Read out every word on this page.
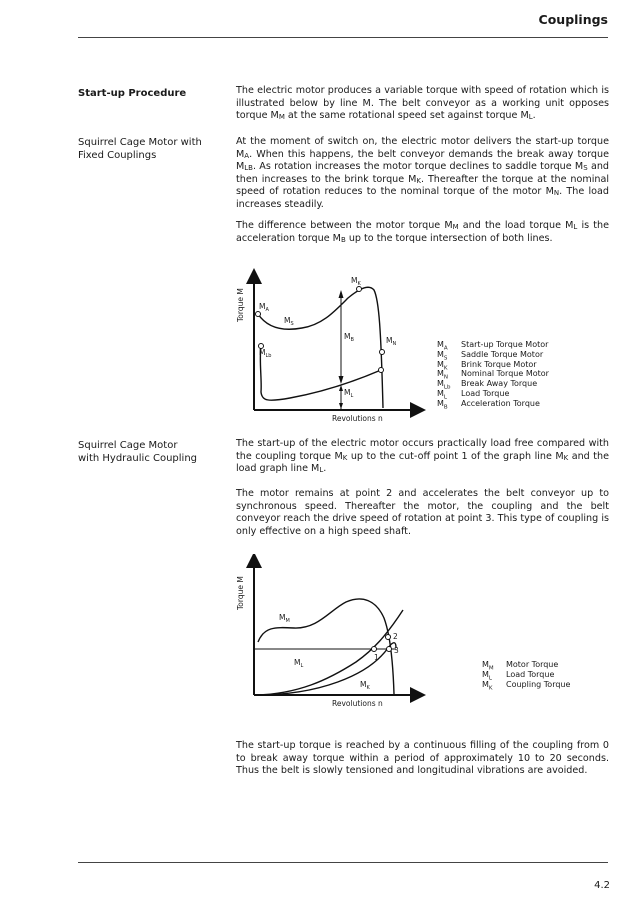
Couplings
Start-up Procedure
Squirrel Cage Motor with
Fixed Couplings
Squirrel Cage Motor
with Hydraulic Coupling
The electric motor produces a variable torque with speed of rotation which is illustrated below by line M. The belt conveyor as a working unit opposes torque $M_M$ at the same rotational speed set against torque $M_L$.
At the moment of switch on, the electric motor delivers the start-up torque $M_A$. When this happens, the belt conveyor demands the break away torque $M_{LB}$. As rotation increases the motor torque declines to saddle torque $M_S$ and then increases to the brink torque $M_K$. Thereafter the torque at the nominal speed of rotation reduces to the nominal torque of the motor $M_N$. The load increases steadily.
The difference between the motor torque $M_M$ and the load torque $M_L$ is the acceleration torque $M_B$ up to the torque intersection of both lines.
Torque M
Revolutions n
$M_A$
$M_S$
$M_K$
$M_B$	$M_N$
$M_{Lb}$
$M_L$
$M_A$	Start-up Torque Motor
$M_S$	Saddle Torque Motor
$M_K$	Brink Torque Motor
$M_N$	Nominal Torque Motor
$M_{Lb}$	Break Away Torque
$M_L$	Load Torque
$M_B$	Acceleration Torque
The start-up of the electric motor occurs practically load free compared with the coupling torque $M_K$ up to the cut-off point 1 of the graph line $M_K$ and the load graph line $M_L$.
The motor remains at point 2 and accelerates the belt conveyor up to synchronous speed. Thereafter the motor, the coupling and the belt conveyor reach the drive speed of rotation at point 3. This type of coupling is only effective on a high speed shaft.
Torque M
Revolutions n
$M_M$
$M_L$
$M_K$
1
2
3
$M_M$	Motor Torque
$M_L$	Load Torque
$M_K$	Coupling Torque
The start-up torque is reached by a continuous filling of the coupling from 0 to break away torque within a period of approximately 10 to 20 seconds. Thus the belt is slowly tensioned and longitudinal vibrations are avoided.
4.2
